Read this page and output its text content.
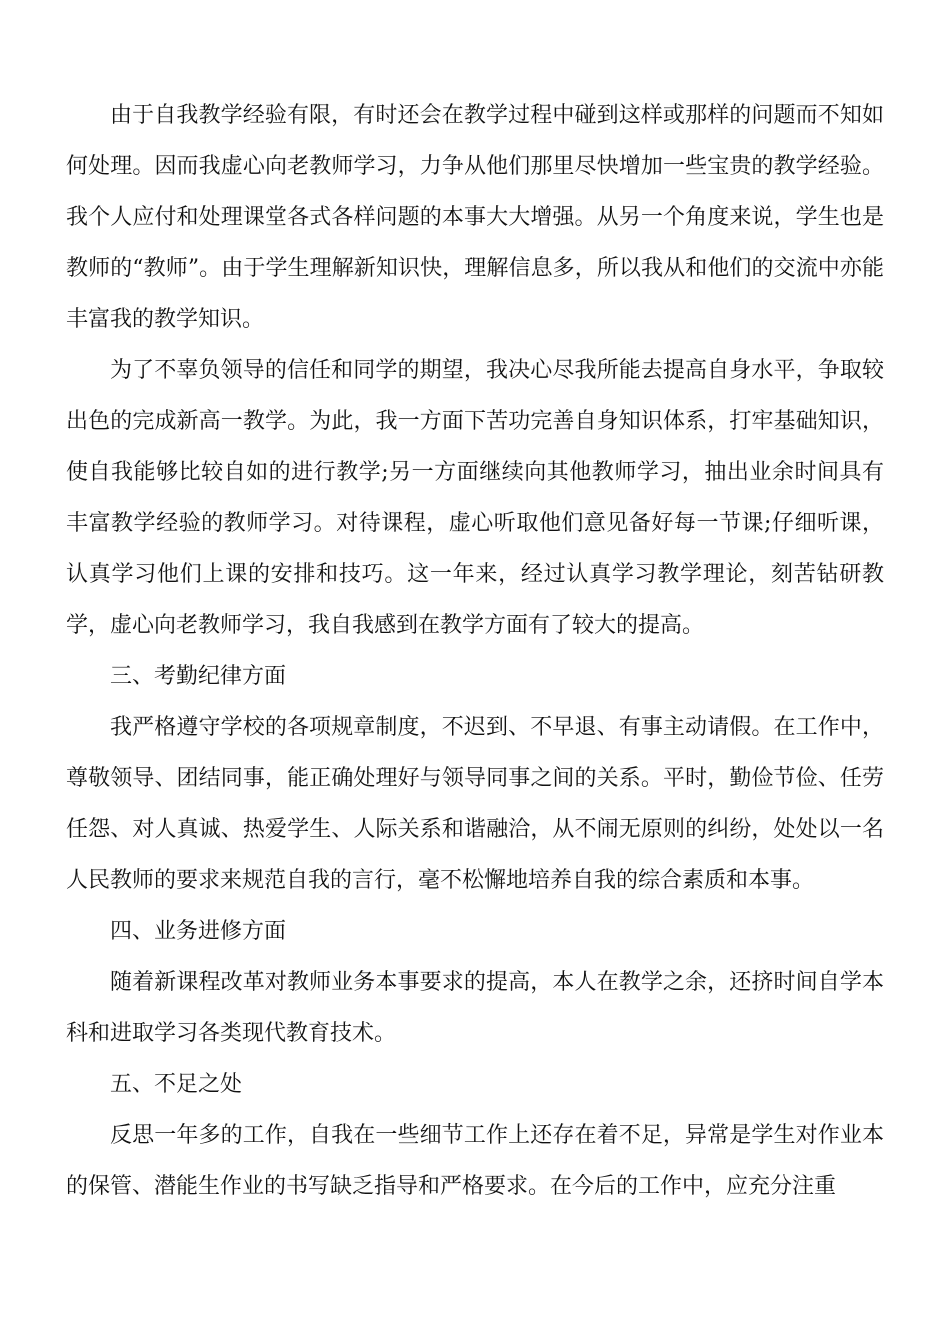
由于自我教学经验有限，有时还会在教学过程中碰到这样或那样的问题而不知如何处理。因而我虚心向老教师学习，力争从他们那里尽快增加一些宝贵的教学经验。我个人应付和处理课堂各式各样问题的本事大大增强。从另一个角度来说，学生也是教师的“教师”。由于学生理解新知识快，理解信息多，所以我从和他们的交流中亦能丰富我的教学知识。

为了不辜负领导的信任和同学的期望，我决心尽我所能去提高自身水平，争取较出色的完成新高一教学。为此，我一方面下苦功完善自身知识体系，打牢基础知识，使自我能够比较自如的进行教学;另一方面继续向其他教师学习，抽出业余时间具有丰富教学经验的教师学习。对待课程，虚心听取他们意见备好每一节课;仔细听课，认真学习他们上课的安排和技巧。这一年来，经过认真学习教学理论，刻苦钻研教学，虚心向老教师学习，我自我感到在教学方面有了较大的提高。

三、考勤纪律方面

我严格遵守学校的各项规章制度，不迟到、不早退、有事主动请假。在工作中，尊敬领导、团结同事，能正确处理好与领导同事之间的关系。平时，勤俭节俭、任劳任怨、对人真诚、热爱学生、人际关系和谐融洽，从不闹无原则的纠纷，处处以一名人民教师的要求来规范自我的言行，毫不松懈地培养自我的综合素质和本事。

四、业务进修方面

随着新课程改革对教师业务本事要求的提高，本人在教学之余，还挤时间自学本科和进取学习各类现代教育技术。

五、不足之处

反思一年多的工作，自我在一些细节工作上还存在着不足，异常是学生对作业本的保管、潜能生作业的书写缺乏指导和严格要求。在今后的工作中，应充分注重
